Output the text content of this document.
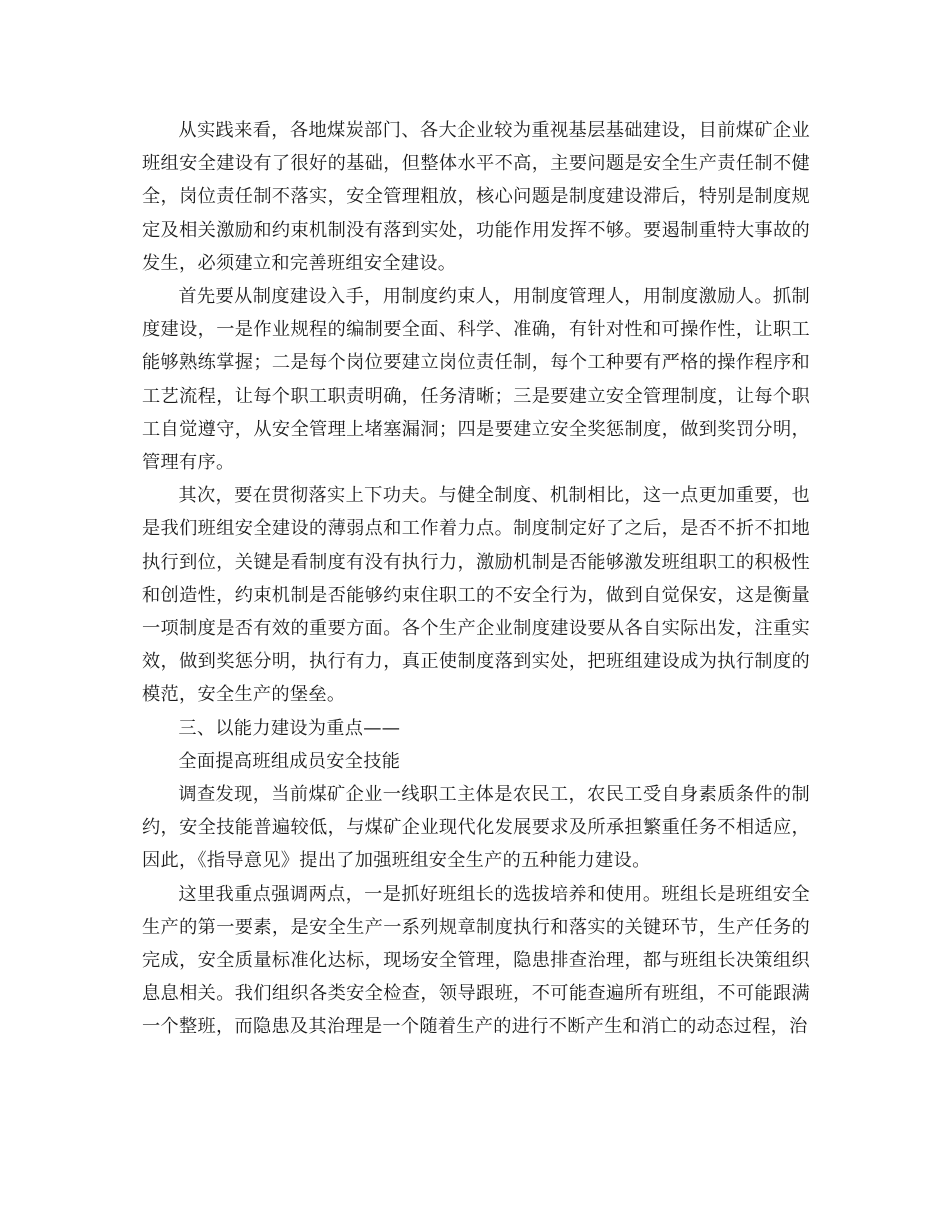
从实践来看，各地煤炭部门、各大企业较为重视基层基础建设，目前煤矿企业班组安全建设有了很好的基础，但整体水平不高，主要问题是安全生产责任制不健全，岗位责任制不落实，安全管理粗放，核心问题是制度建设滞后，特别是制度规定及相关激励和约束机制没有落到实处，功能作用发挥不够。要遏制重特大事故的发生，必须建立和完善班组安全建设。

首先要从制度建设入手，用制度约束人，用制度管理人，用制度激励人。抓制度建设，一是作业规程的编制要全面、科学、准确，有针对性和可操作性，让职工能够熟练掌握；二是每个岗位要建立岗位责任制，每个工种要有严格的操作程序和工艺流程，让每个职工职责明确，任务清晰；三是要建立安全管理制度，让每个职工自觉遵守，从安全管理上堵塞漏洞；四是要建立安全奖惩制度，做到奖罚分明，管理有序。

其次，要在贯彻落实上下功夫。与健全制度、机制相比，这一点更加重要，也是我们班组安全建设的薄弱点和工作着力点。制度制定好了之后，是否不折不扣地执行到位，关键是看制度有没有执行力，激励机制是否能够激发班组职工的积极性和创造性，约束机制是否能够约束住职工的不安全行为，做到自觉保安，这是衡量一项制度是否有效的重要方面。各个生产企业制度建设要从各自实际出发，注重实效，做到奖惩分明，执行有力，真正使制度落到实处，把班组建设成为执行制度的模范，安全生产的堡垒。

三、以能力建设为重点——

全面提高班组成员安全技能

调查发现，当前煤矿企业一线职工主体是农民工，农民工受自身素质条件的制约，安全技能普遍较低，与煤矿企业现代化发展要求及所承担繁重任务不相适应，因此，《指导意见》提出了加强班组安全生产的五种能力建设。

这里我重点强调两点，一是抓好班组长的选拔培养和使用。班组长是班组安全生产的第一要素，是安全生产一系列规章制度执行和落实的关键环节，生产任务的完成，安全质量标准化达标，现场安全管理，隐患排查治理，都与班组长决策组织息息相关。我们组织各类安全检查，领导跟班，不可能查遍所有班组，不可能跟满一个整班，而隐患及其治理是一个随着生产的进行不断产生和消亡的动态过程，治
